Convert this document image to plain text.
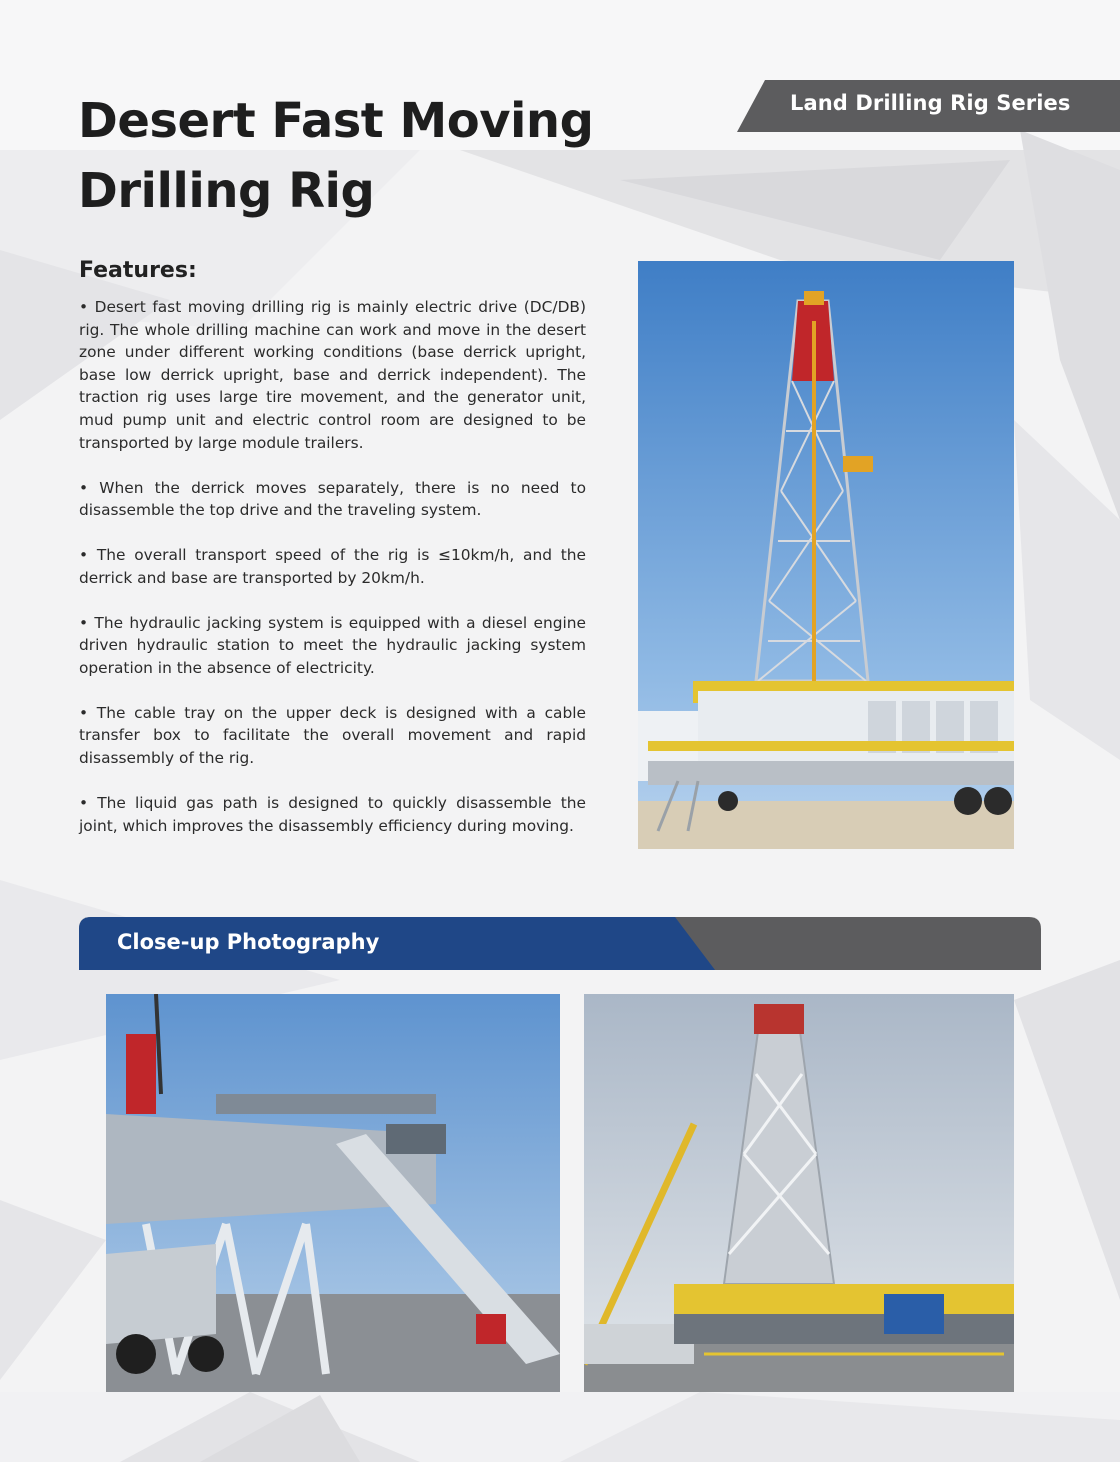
Land Drilling Rig Series
Desert Fast Moving
Drilling Rig
Features:
• Desert fast moving drilling rig is mainly electric drive (DC/DB) rig. The whole drilling machine can work and move in the desert zone under different working conditions (base derrick upright, base low derrick upright, base and derrick independent). The traction rig uses large tire movement, and the generator unit, mud pump unit and electric control room are designed to be transported by large module trailers.
• When the derrick moves separately, there is no need to disassemble the top drive and the traveling system.
• The overall transport speed of the rig is ≤10km/h, and the derrick and base are transported by 20km/h.
• The hydraulic jacking system is equipped with a diesel engine driven hydraulic station to meet the hydraulic jacking system operation in the absence of electricity.
• The cable tray on the upper deck is designed with a cable transfer box to facilitate the overall movement and rapid disassembly of the rig.
• The liquid gas path is designed to quickly disassemble the joint, which improves the disassembly efficiency during moving.
Close-up Photography
